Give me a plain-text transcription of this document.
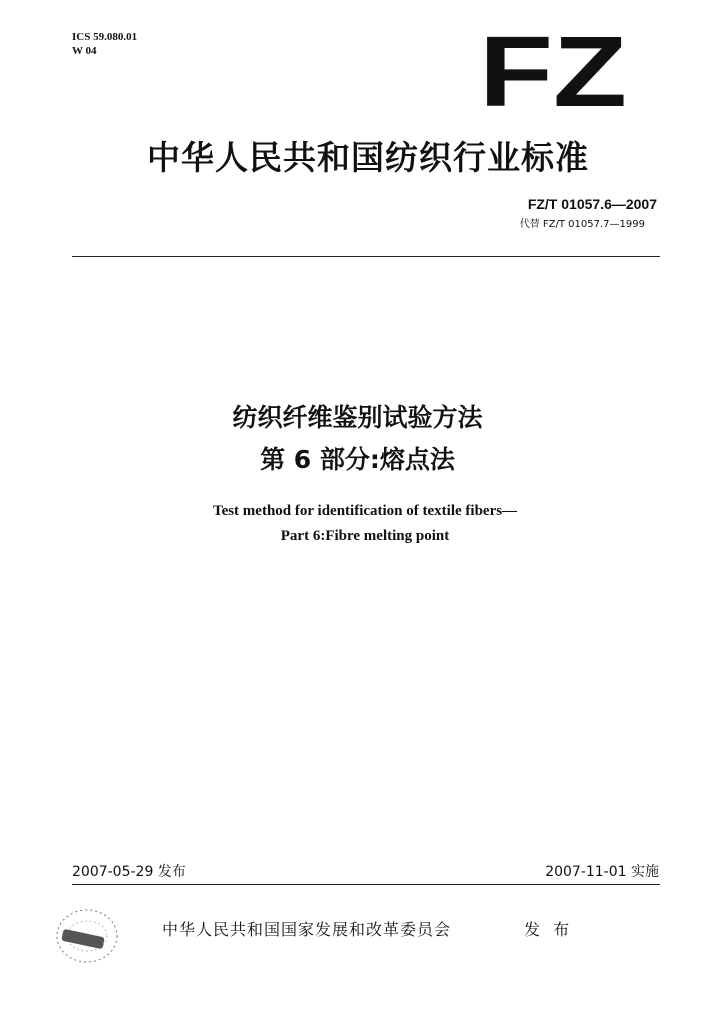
ICS 59.080.01
W 04	FZ
中华人民共和国纺织行业标准
FZ/T 01057.6—2007
代替 FZ/T 01057.7—1999
纺织纤维鉴别试验方法
第 6 部分:熔点法
Test method for identification of textile fibers—
Part 6:Fibre melting point
2007-05-29 发布	2007-11-01 实施
中华人民共和国国家发展和改革委员会	发 布
